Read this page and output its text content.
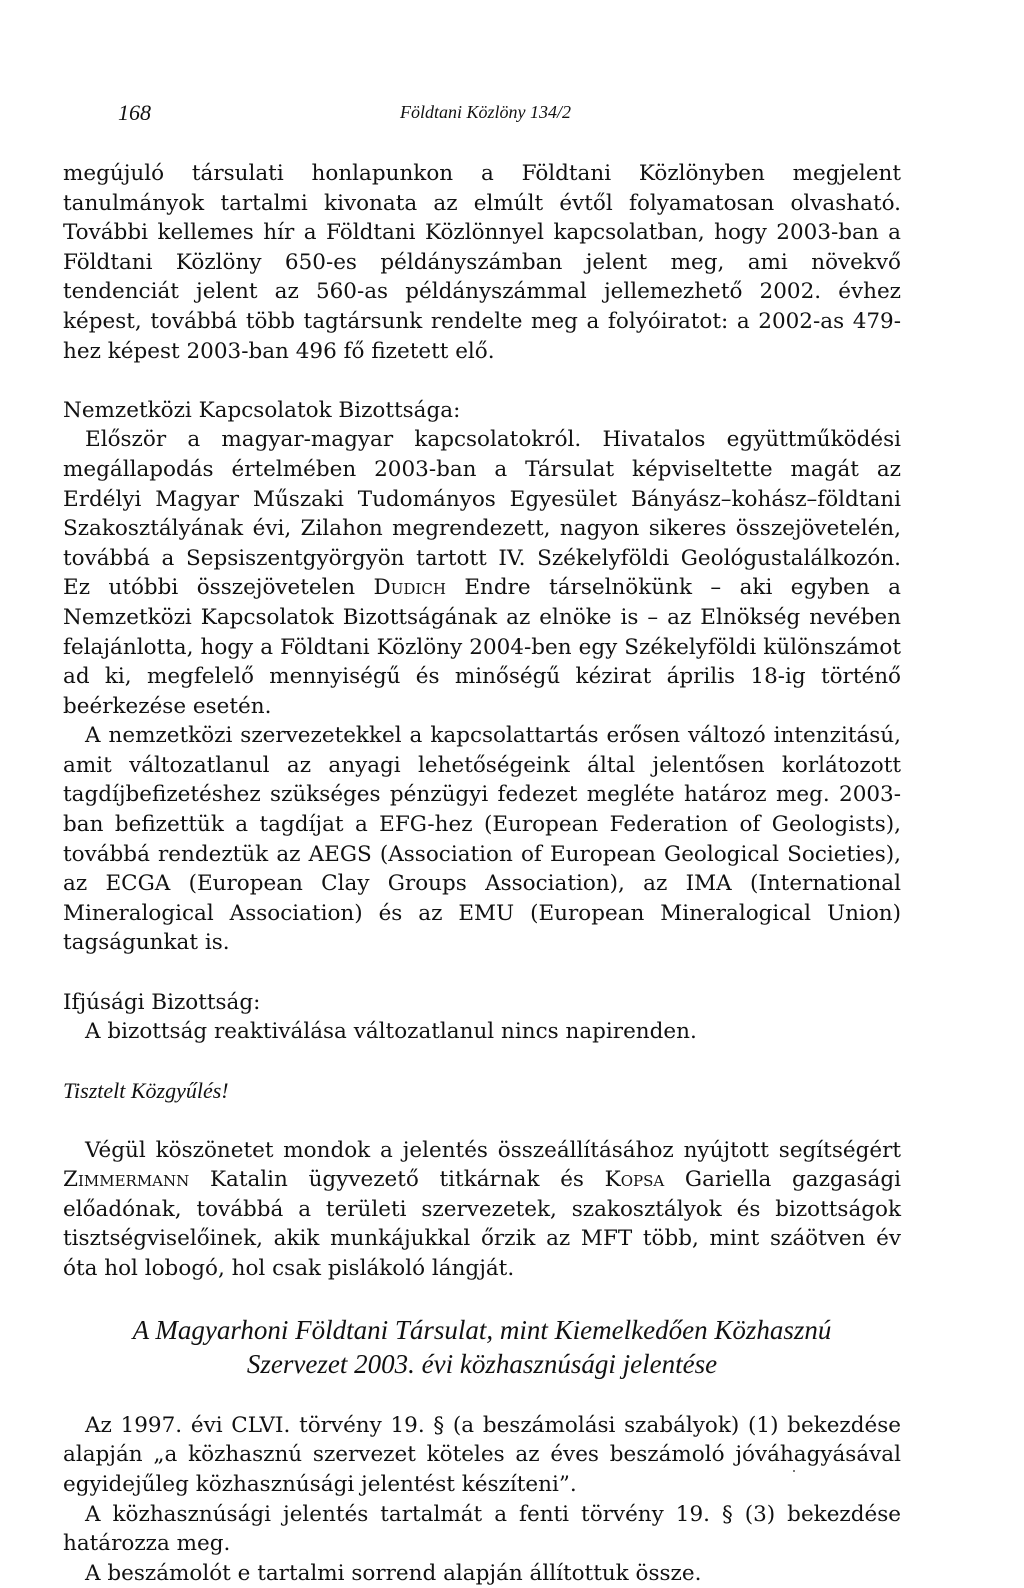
168	Földtani Közlöny 134/2

megújuló társulati honlapunkon a Földtani Közlönyben megjelent tanulmányok tartalmi kivonata az elmúlt évtől folyamatosan olvasható. További kellemes hír a Földtani Közlönnyel kapcsolatban, hogy 2003-ban a Földtani Közlöny 650-es példányszámban jelent meg, ami növekvő tendenciát jelent az 560-as példányszámmal jellemezhető 2002. évhez képest, továbbá több tagtársunk rendelte meg a folyóiratot: a 2002-as 479-hez képest 2003-ban 496 fő fizetett elő.

Nemzetközi Kapcsolatok Bizottsága:

Először a magyar-magyar kapcsolatokról. Hivatalos együttműködési megállapodás értelmében 2003-ban a Társulat képviseltette magát az Erdélyi Magyar Műszaki Tudományos Egyesület Bányász–kohász–földtani Szakosztályának évi, Zilahon megrendezett, nagyon sikeres összejövetelén, továbbá a Sepsiszentgyörgyön tartott IV. Székelyföldi Geológustalálkozón. Ez utóbbi összejövetelen Dudich Endre társelnökünk – aki egyben a Nemzetközi Kapcsolatok Bizottságának az elnöke is – az Elnökség nevében felajánlotta, hogy a Földtani Közlöny 2004-ben egy Székelyföldi különszámot ad ki, megfelelő mennyiségű és minőségű kézirat április 18-ig történő beérkezése esetén.

A nemzetközi szervezetekkel a kapcsolattartás erősen változó intenzitású, amit változatlanul az anyagi lehetőségeink által jelentősen korlátozott tagdíjbefizetéshez szükséges pénzügyi fedezet megléte határoz meg. 2003-ban befizettük a tagdíjat a EFG-hez (European Federation of Geologists), továbbá rendeztük az AEGS (Association of European Geological Societies), az ECGA (European Clay Groups Association), az IMA (International Mineralogical Association) és az EMU (European Mineralogical Union) tagságunkat is.

Ifjúsági Bizottság:

A bizottság reaktiválása változatlanul nincs napirenden.

Tisztelt Közgyűlés!

Végül köszönetet mondok a jelentés összeállításához nyújtott segítségért Zimmermann Katalin ügyvezető titkárnak és Kopsa Gariella gazgasági előadónak, továbbá a területi szervezetek, szakosztályok és bizottságok tisztségviselőinek, akik munkájukkal őrzik az MFT több, mint száötven év óta hol lobogó, hol csak pislákoló lángját.

A Magyarhoni Földtani Társulat, mint Kiemelkedően Közhasznú

Szervezet 2003. évi közhasznúsági jelentése

Az 1997. évi CLVI. törvény 19. § (a beszámolási szabályok) (1) bekezdése alapján „a közhasznú szervezet köteles az éves beszámoló jóváhagyásával egyidejűleg közhasznúsági jelentést készíteni”.

A közhasznúsági jelentés tartalmát a fenti törvény 19. § (3) bekezdése határozza meg.

A beszámolót e tartalmi sorrend alapján állítottuk össze.
